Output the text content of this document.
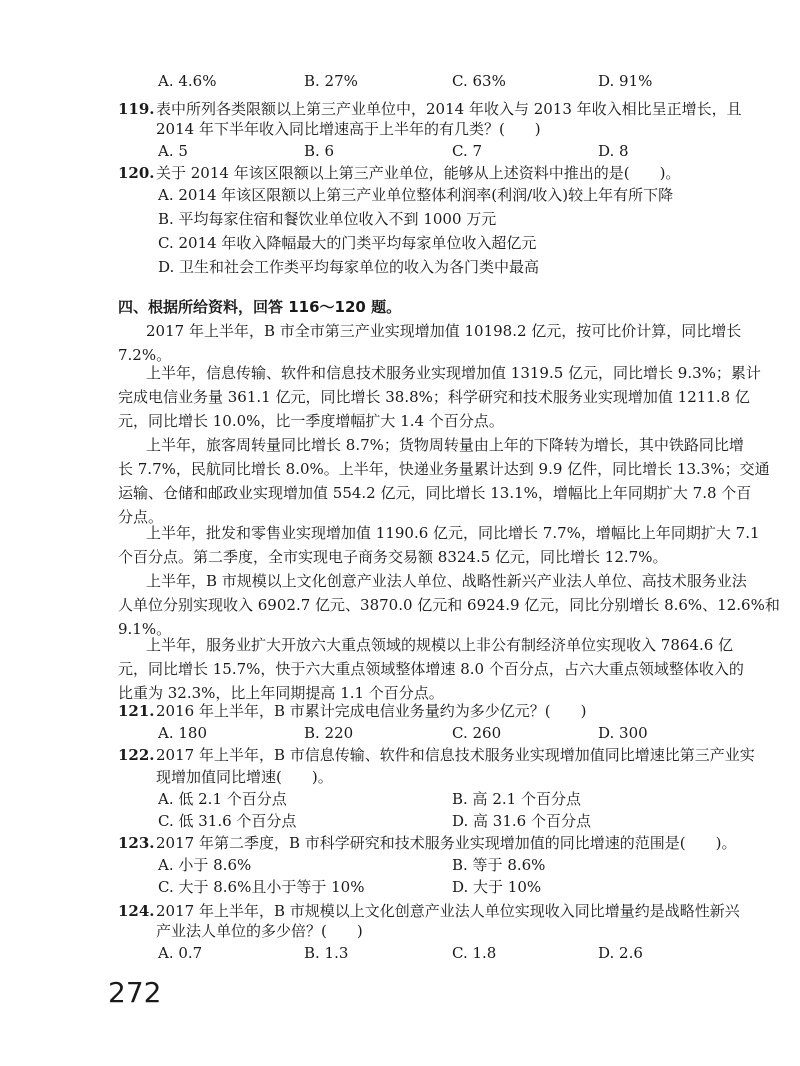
A. 4.6%	B. 27%	C. 63%	D. 91%
119. 表中所列各类限额以上第三产业单位中，2014 年收入与 2013 年收入相比呈正增长，且
2014 年下半年收入同比增速高于上半年的有几类？(　　)
A. 5	B. 6	C. 7	D. 8
120. 关于 2014 年该区限额以上第三产业单位，能够从上述资料中推出的是(　　)。
A. 2014 年该区限额以上第三产业单位整体利润率(利润/收入)较上年有所下降
B. 平均每家住宿和餐饮业单位收入不到 1000 万元
C. 2014 年收入降幅最大的门类平均每家单位收入超亿元
D. 卫生和社会工作类平均每家单位的收入为各门类中最高
四、根据所给资料，回答 116～120 题。
2017 年上半年，B 市全市第三产业实现增加值 10198.2 亿元，按可比价计算，同比增长
7.2%。
上半年，信息传输、软件和信息技术服务业实现增加值 1319.5 亿元，同比增长 9.3%；累计
完成电信业务量 361.1 亿元，同比增长 38.8%；科学研究和技术服务业实现增加值 1211.8 亿
元，同比增长 10.0%，比一季度增幅扩大 1.4 个百分点。
上半年，旅客周转量同比增长 8.7%；货物周转量由上年的下降转为增长，其中铁路同比增
长 7.7%，民航同比增长 8.0%。上半年，快递业务量累计达到 9.9 亿件，同比增长 13.3%；交通
运输、仓储和邮政业实现增加值 554.2 亿元，同比增长 13.1%，增幅比上年同期扩大 7.8 个百
分点。
上半年，批发和零售业实现增加值 1190.6 亿元，同比增长 7.7%，增幅比上年同期扩大 7.1
个百分点。第二季度，全市实现电子商务交易额 8324.5 亿元，同比增长 12.7%。
上半年，B 市规模以上文化创意产业法人单位、战略性新兴产业法人单位、高技术服务业法
人单位分别实现收入 6902.7 亿元、3870.0 亿元和 6924.9 亿元，同比分别增长 8.6%、12.6%和
9.1%。
上半年，服务业扩大开放六大重点领域的规模以上非公有制经济单位实现收入 7864.6 亿
元，同比增长 15.7%，快于六大重点领域整体增速 8.0 个百分点，占六大重点领域整体收入的
比重为 32.3%，比上年同期提高 1.1 个百分点。
121. 2016 年上半年，B 市累计完成电信业务量约为多少亿元？(　　)
A. 180	B. 220	C. 260	D. 300
122. 2017 年上半年，B 市信息传输、软件和信息技术服务业实现增加值同比增速比第三产业实
现增加值同比增速(　　)。
A. 低 2.1 个百分点	B. 高 2.1 个百分点
C. 低 31.6 个百分点	D. 高 31.6 个百分点
123. 2017 年第二季度，B 市科学研究和技术服务业实现增加值的同比增速的范围是(　　)。
A. 小于 8.6%	B. 等于 8.6%
C. 大于 8.6%且小于等于 10%	D. 大于 10%
124. 2017 年上半年，B 市规模以上文化创意产业法人单位实现收入同比增量约是战略性新兴
产业法人单位的多少倍？(　　)
A. 0.7	B. 1.3	C. 1.8	D. 2.6
272
